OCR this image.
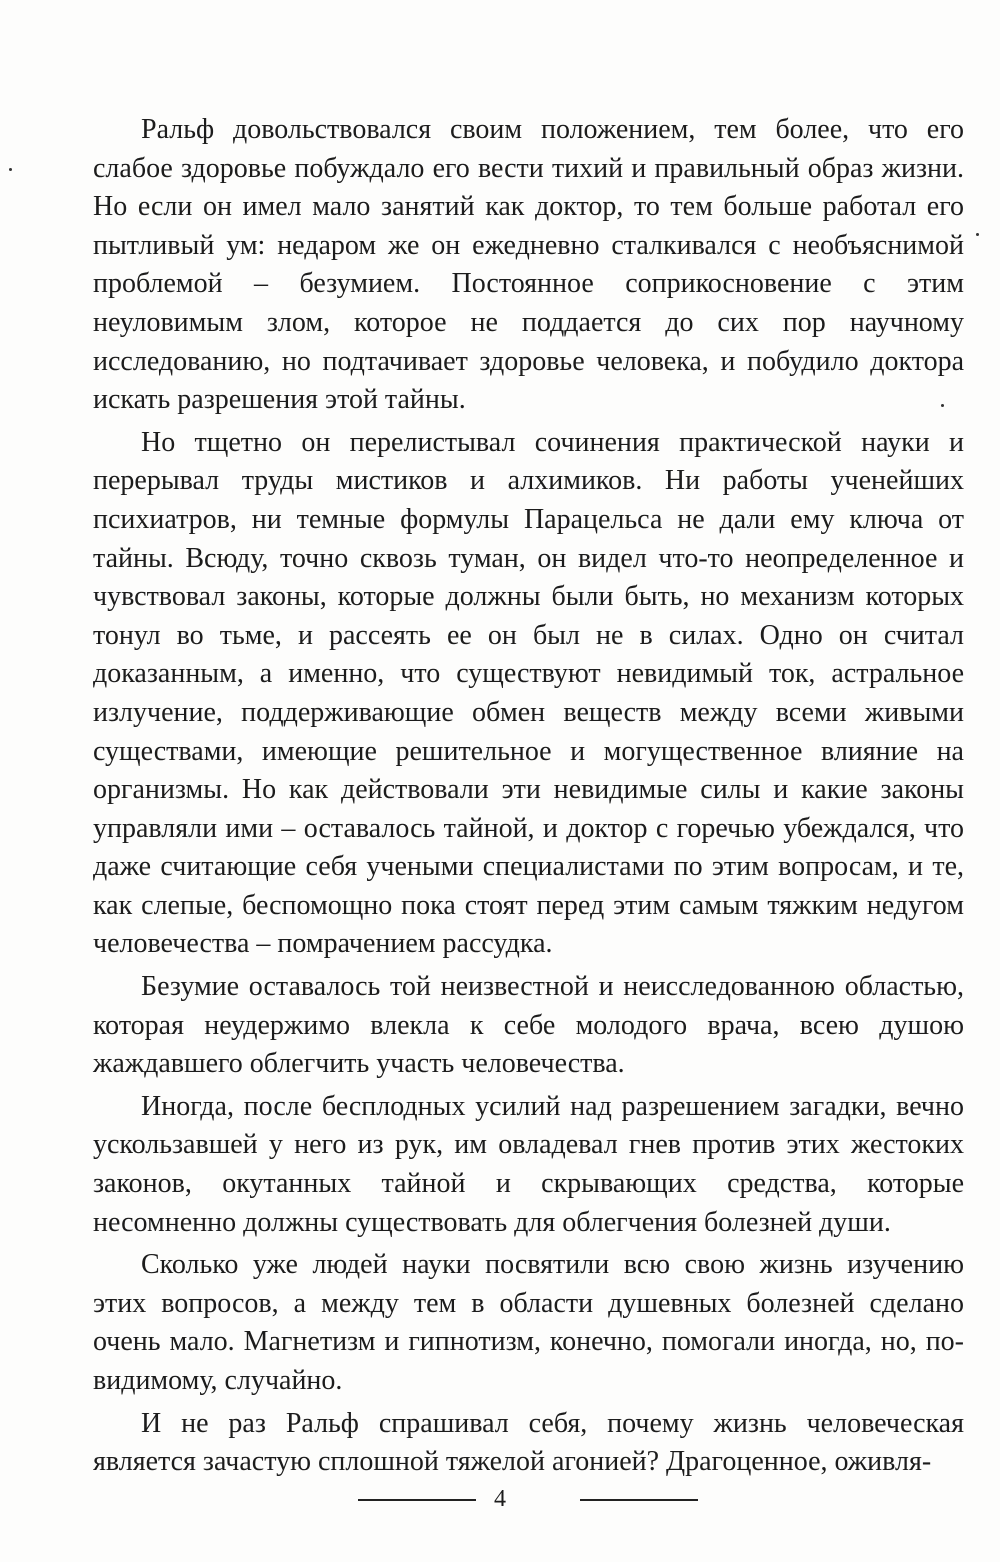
Ральф довольствовался своим положением, тем более, что его слабое здоровье побуждало его вести тихий и правильный образ жизни. Но если он имел мало занятий как доктор, то тем больше работал его пытливый ум: недаром же он ежедневно сталкивался с необъяснимой проблемой – безумием. Постоянное соприкосновение с этим неуловимым злом, которое не поддается до сих пор научному исследованию, но подтачивает здоровье человека, и побудило доктора искать разрешения этой тайны.

Но тщетно он перелистывал сочинения практической науки и перерывал труды мистиков и алхимиков. Ни работы ученейших психиатров, ни темные формулы Парацельса не дали ему ключа от тайны. Всюду, точно сквозь туман, он видел что-то неопределенное и чувствовал законы, которые должны были быть, но механизм которых тонул во тьме, и рассеять ее он был не в силах. Одно он считал доказанным, а именно, что существуют невидимый ток, астральное излучение, поддерживающие обмен веществ между всеми живыми существами, имеющие решительное и могущественное влияние на организмы. Но как действовали эти невидимые силы и какие законы управляли ими – оставалось тайной, и доктор с горечью убеждался, что даже считающие себя учеными специалистами по этим вопросам, и те, как слепые, беспомощно пока стоят перед этим самым тяжким недугом человечества – помрачением рассудка.

Безумие оставалось той неизвестной и неисследованною областью, которая неудержимо влекла к себе молодого врача, всею душою жаждавшего облегчить участь человечества.

Иногда, после бесплодных усилий над разрешением загадки, вечно ускользавшей у него из рук, им овладевал гнев против этих жестоких законов, окутанных тайной и скрывающих средства, которые несомненно должны существовать для облегчения болезней души.

Сколько уже людей науки посвятили всю свою жизнь изучению этих вопросов, а между тем в области душевных болезней сделано очень мало. Магнетизм и гипнотизм, конечно, помогали иногда, но, по-видимому, случайно.

И не раз Ральф спрашивал себя, почему жизнь человеческая является зачастую сплошной тяжелой агонией? Драгоценное, оживля-

4
